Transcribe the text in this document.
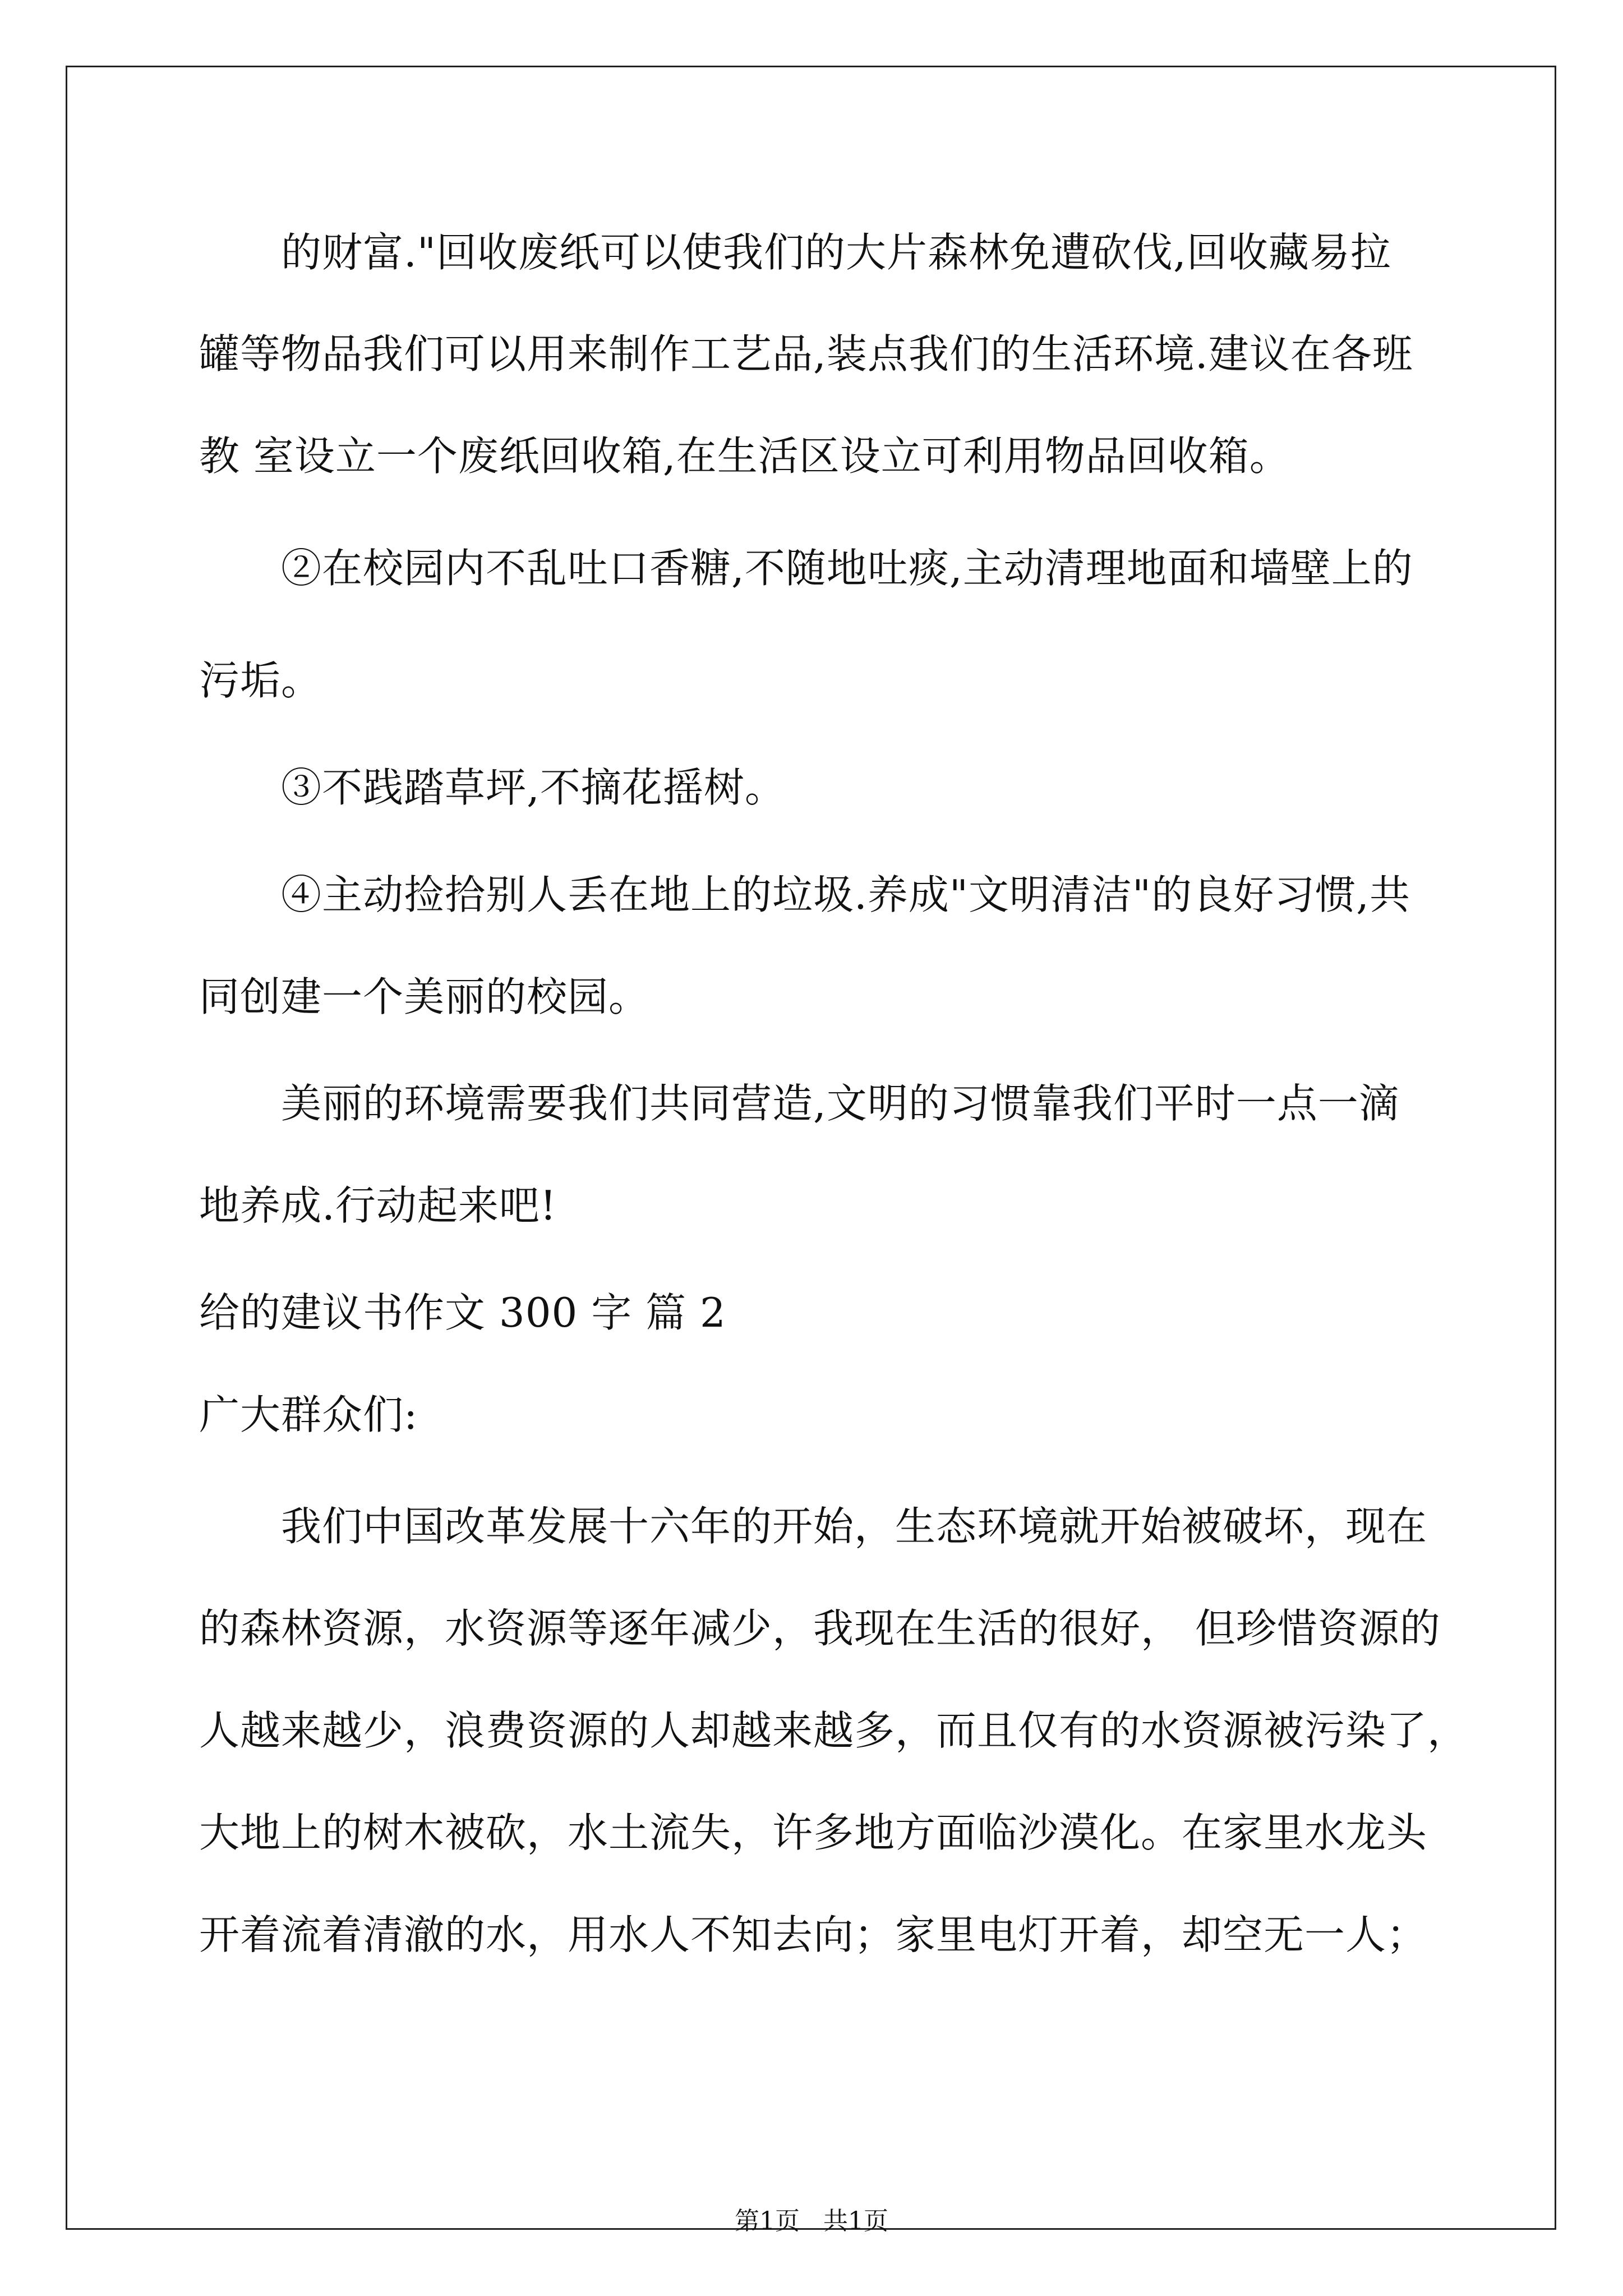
　　的财富."回收废纸可以使我们的大片森林免遭砍伐,回收藏易拉
罐等物品我们可以用来制作工艺品,装点我们的生活环境.建议在各班
教 室设立一个废纸回收箱,在生活区设立可利用物品回收箱。
　　②在校园内不乱吐口香糖,不随地吐痰,主动清理地面和墙壁上的
污垢。
　　③不践踏草坪,不摘花摇树。
　　④主动捡拾别人丢在地上的垃圾.养成"文明清洁"的良好习惯,共
同创建一个美丽的校园。
　　美丽的环境需要我们共同营造,文明的习惯靠我们平时一点一滴
地养成.行动起来吧!
给的建议书作文 300 字 篇 2
广大群众们:
　　我们中国改革发展十六年的开始，生态环境就开始被破坏，现在
的森林资源，水资源等逐年减少，我现在生活的很好， 但珍惜资源的
人越来越少，浪费资源的人却越来越多，而且仅有的水资源被污染了，
大地上的树木被砍，水土流失，许多地方面临沙漠化。在家里水龙头
开着流着清澈的水，用水人不知去向；家里电灯开着，却空无一人；
第1页   共1页
